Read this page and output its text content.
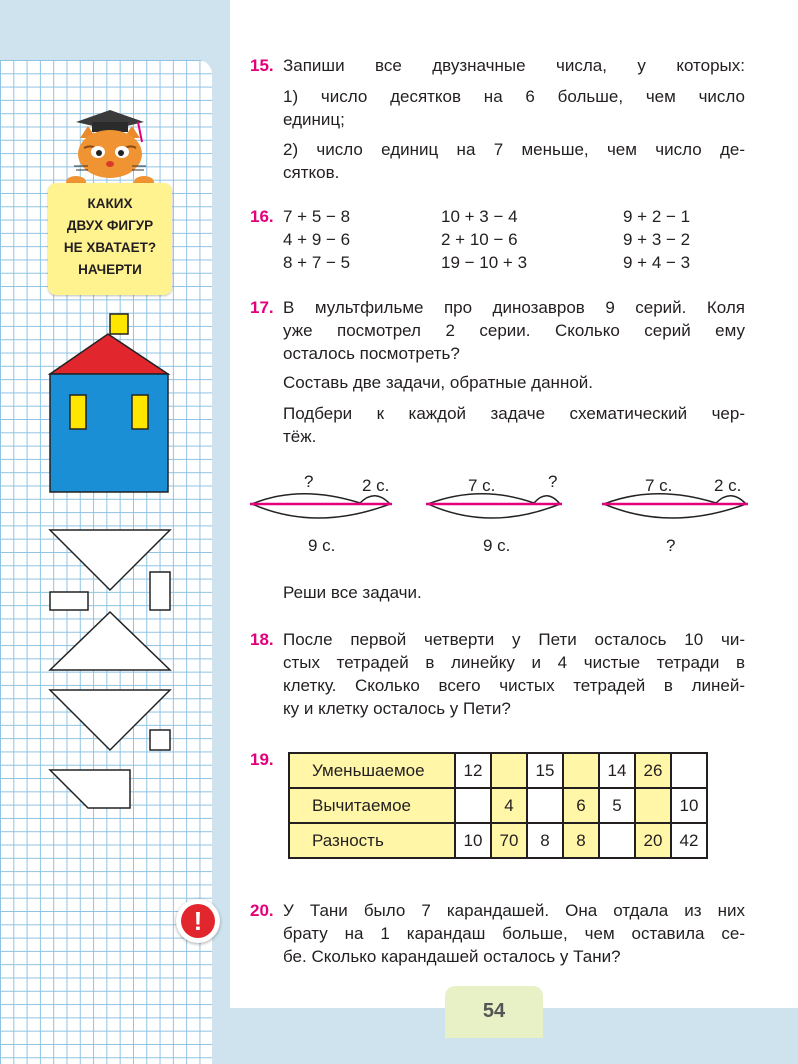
КАКИХ
ДВУХ ФИГУР
НЕ ХВАТАЕТ?
НАЧЕРТИ
15. Запиши все двузначные числа, у которых:
1) число десятков на 6 больше, чем число
единиц;
2) число единиц на 7 меньше, чем число де-
сятков.
16. 7 + 5 − 8	10 + 3 − 4	9 + 2 − 1
4 + 9 − 6	2 + 10 − 6	9 + 3 − 2
8 + 7 − 5	19 − 10 + 3	9 + 4 − 3
17. В мультфильме про динозавров 9 серий. Коля
уже посмотрел 2 серии. Сколько серий ему
осталось посмотреть?
Составь две задачи, обратные данной.
Подбери к каждой задаче схематический чер-
тёж.
?	2 с.
9 с.
7 с.	?
9 с.
7 с. 2 с.
?
Реши все задачи.
18. После первой четверти у Пети осталось 10 чи-
стых тетрадей в линейку и 4 чистые тетради в
клетку. Сколько всего чистых тетрадей в линей-
ку и клетку осталось у Пети?
19.
Уменьшаемое	12		15		14	26	
Вычитаемое		4		6	5		10
Разность	10	70	8	8		20	42
!	20. У Тани было 7 карандашей. Она отдала из них
брату на 1 карандаш больше, чем оставила се-
бе. Сколько карандашей осталось у Тани?
54
